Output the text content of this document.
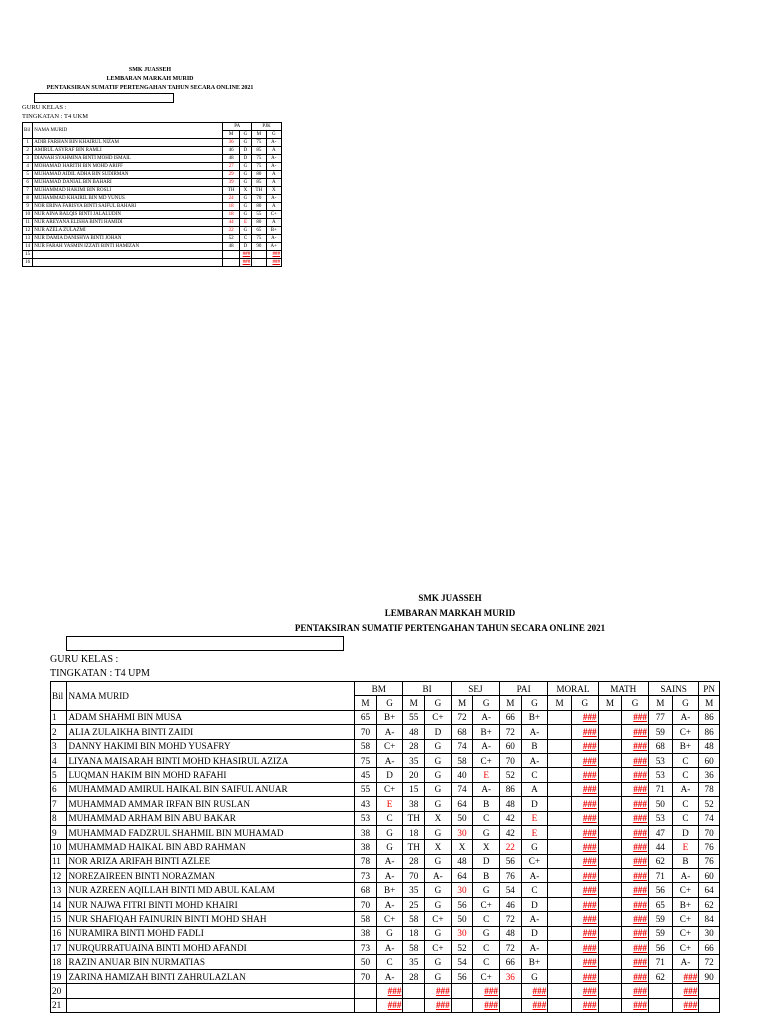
SMK JUASSEH
LEMBARAN MARKAH MURID
PENTAKSIRAN SUMATIF PERTENGAHAN TAHUN SECARA ONLINE 2021
GURU KELAS :
TINGKATAN : T4 UKM
Bil	NAMA MURID	PA		PJK	
		M	G	M	G
1	ADIB FARHAN BIN KHAIRUL NIZAM	36	G	75	A-
2	AMIRUL ASYRAF BIN RAMLI	46	D	85	A
3	DIANAH SYAHMINA BINTI MOHD ISMAIL	48	D	75	A-
4	MOHAMAD HARITH BIN MOHD ARIFF	27	G	75	A-
5	MUHAMAD AIDIL ADHA BIN SUDIRMAN	29	G	80	A
6	MUHAMAD DANIAL BIN BAHARI	39	G	85	A
7	MUHAMMAD HAKIMI BIN ROSLI	TH	X	TH	X
8	MUHAMMAD KHAIRIL BIN MD YUNUS	24	G	70	A-
9	NOR ERINA FARISYA BINTI SAIFUL BAHARI	18	G	80	A
10	NUR AINA BALQIS BINTI JALALUDIN	18	G	55	C+
11	NUR AREYANA ELISHA BINTI HAMIDI	44	E	80	A
12	NUR AZELA ZULAZMI	22	G	65	B+
13	NUR DAMIA DANISHYA BINTI JOHAN	52	C	75	A-
14	NUR FARAH YASMIN IZZATI BINTI HAMIZAN	48	D	90	A+
15			###		###
16			###		###
SMK JUASSEH
LEMBARAN MARKAH MURID
PENTAKSIRAN SUMATIF PERTENGAHAN TAHUN SECARA ONLINE 2021
GURU KELAS :
TINGKATAN : T4 UPM
Bil	NAMA MURID	BM		BI		SEJ		PAI		MORAL		MATH		SAINS		PN
		M	G	M	G	M	G	M	G	M	G	M	G	M	G	M
1	ADAM SHAHMI BIN MUSA	65	B+	55	C+	72	A-	66	B+		###		###	77	A-	86
2	ALIA ZULAIKHA BINTI ZAIDI	70	A-	48	D	68	B+	72	A-		###		###	59	C+	86
3	DANNY HAKIMI BIN MOHD YUSAFRY	58	C+	28	G	74	A-	60	B		###		###	68	B+	48
4	LIYANA MAISARAH BINTI MOHD KHASIRUL AZIZA	75	A-	35	G	58	C+	70	A-		###		###	53	C	60
5	LUQMAN HAKIM BIN MOHD RAFAHI	45	D	20	G	40	E	52	C		###		###	53	C	36
6	MUHAMMAD AMIRUL HAIKAL BIN SAIFUL ANUAR	55	C+	15	G	74	A-	86	A		###		###	71	A-	78
7	MUHAMMAD AMMAR IRFAN BIN RUSLAN	43	E	38	G	64	B	48	D		###		###	50	C	52
8	MUHAMMAD ARHAM BIN ABU BAKAR	53	C	TH	X	50	C	42	E		###		###	53	C	74
9	MUHAMMAD FADZRUL SHAHMIL BIN MUHAMAD	38	G	18	G	30	G	42	E		###		###	47	D	70
10	MUHAMMAD HAIKAL BIN ABD RAHMAN	38	G	TH	X	X	X	22	G		###		###	44	E	76
11	NOR ARIZA ARIFAH BINTI AZLEE	78	A-	28	G	48	D	56	C+		###		###	62	B	76
12	NOREZAIREEN BINTI NORAZMAN	73	A-	70	A-	64	B	76	A-		###		###	71	A-	60
13	NUR AZREEN AQILLAH BINTI MD ABUL KALAM	68	B+	35	G	30	G	54	C		###		###	56	C+	64
14	NUR NAJWA FITRI BINTI MOHD KHAIRI	70	A-	25	G	56	C+	46	D		###		###	65	B+	62
15	NUR SHAFIQAH FAINURIN BINTI MOHD SHAH	58	C+	58	C+	50	C	72	A-		###		###	59	C+	84
16	NURAMIRA BINTI MOHD FADLI	38	G	18	G	30	G	48	D		###		###	59	C+	30
17	NURQURRATUAINA BINTI MOHD AFANDI	73	A-	58	C+	52	C	72	A-		###		###	56	C+	66
18	RAZIN ANUAR BIN NURMATIAS	50	C	35	G	54	C	66	B+		###		###	71	A-	72
19	ZARINA HAMIZAH BINTI ZAHRULAZLAN	70	A-	28	G	56	C+	36	G		###		###	62	###	90
20			###		###		###		###		###		###		###	
21			###		###		###		###		###		###		###	
